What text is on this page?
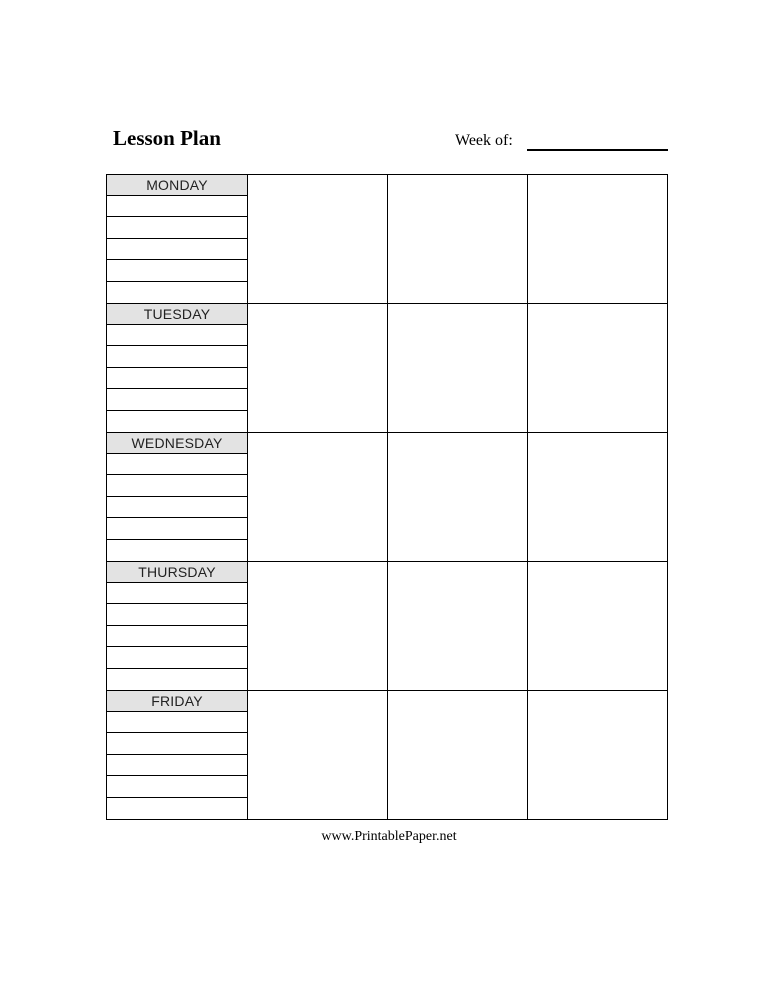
Lesson Plan	Week of:
MONDAY
TUESDAY
WEDNESDAY
THURSDAY
FRIDAY
www.PrintablePaper.net
